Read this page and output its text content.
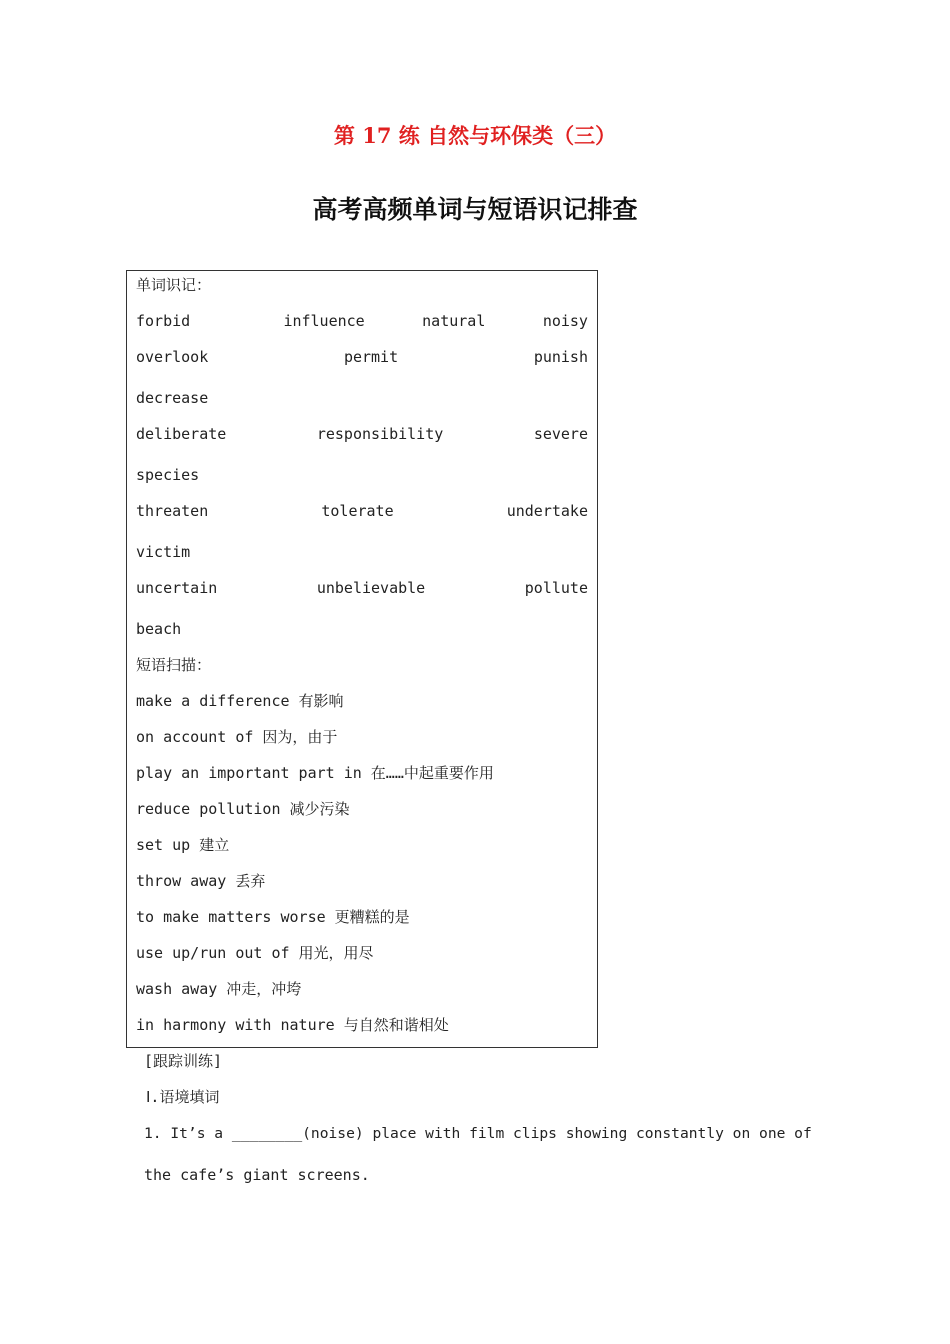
第 17 练 自然与环保类（三）
高考高频单词与短语识记排查
单词识记：
forbid	influence	natural	noisy
overlook	permit	punish
decrease
deliberate	responsibility	severe
species
threaten	tolerate	undertake
victim
uncertain	unbelievable	pollute
beach
短语扫描：
make a difference 有影响
on account of 因为，由于
play an important part in 在……中起重要作用
reduce pollution 减少污染
set up 建立
throw away 丢弃
to make matters worse 更糟糕的是
use up/run out of 用光，用尽
wash away 冲走，冲垮
in harmony with nature 与自然和谐相处
[跟踪训练]
Ⅰ.语境填词
1. It’s a ________(noise) place with film clips showing constantly on one of
the cafe’s giant screens.
